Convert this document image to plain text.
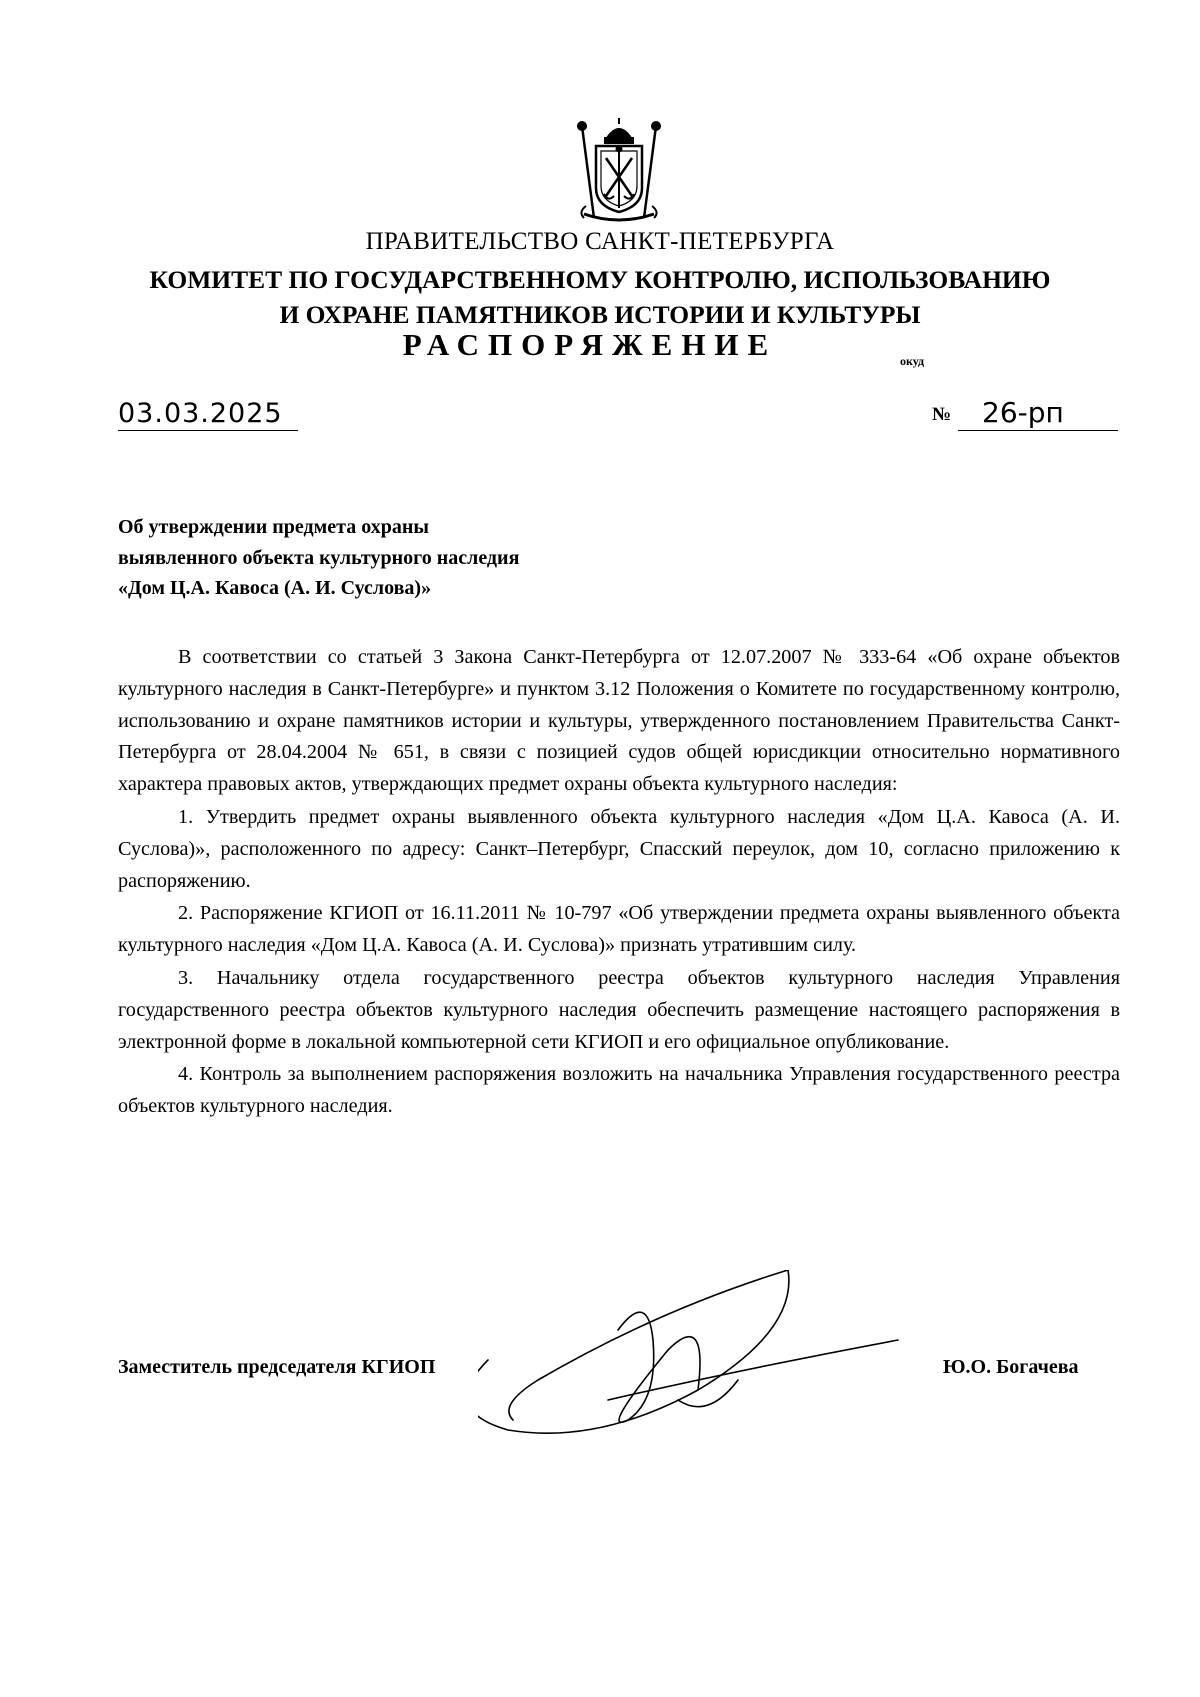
ПРАВИТЕЛЬСТВО САНКТ-ПЕТЕРБУРГА
КОМИТЕТ ПО ГОСУДАРСТВЕННОМУ КОНТРОЛЮ, ИСПОЛЬЗОВАНИЮ
И ОХРАНЕ ПАМЯТНИКОВ ИСТОРИИ И КУЛЬТУРЫ
РАСПОРЯЖЕНИЕ	окуд
03.03.2025	№ 26-рп
Об утверждении предмета охраны
выявленного объекта культурного наследия
«Дом Ц.А. Кавоса (А. И. Суслова)»

В соответствии со статьей 3 Закона Санкт-Петербурга от 12.07.2007 № 333-64 «Об охране объектов культурного наследия в Санкт-Петербурге» и пунктом 3.12 Положения о Комитете по государственному контролю, использованию и охране памятников истории и культуры, утвержденного постановлением Правительства Санкт-Петербурга от 28.04.2004 № 651, в связи с позицией судов общей юрисдикции относительно нормативного характера правовых актов, утверждающих предмет охраны объекта культурного наследия:

1. Утвердить предмет охраны выявленного объекта культурного наследия «Дом Ц.А. Кавоса (А. И. Суслова)», расположенного по адресу: Санкт–Петербург, Спасский переулок, дом 10, согласно приложению к распоряжению.

2. Распоряжение КГИОП от 16.11.2011 № 10-797 «Об утверждении предмета охраны выявленного объекта культурного наследия «Дом Ц.А. Кавоса (А. И. Суслова)» признать утратившим силу.

3. Начальнику отдела государственного реестра объектов культурного наследия Управления государственного реестра объектов культурного наследия обеспечить размещение настоящего распоряжения в электронной форме в локальной компьютерной сети КГИОП и его официальное опубликование.

4. Контроль за выполнением распоряжения возложить на начальника Управления государственного реестра объектов культурного наследия.

Заместитель председателя КГИОП	Ю.О. Богачева
